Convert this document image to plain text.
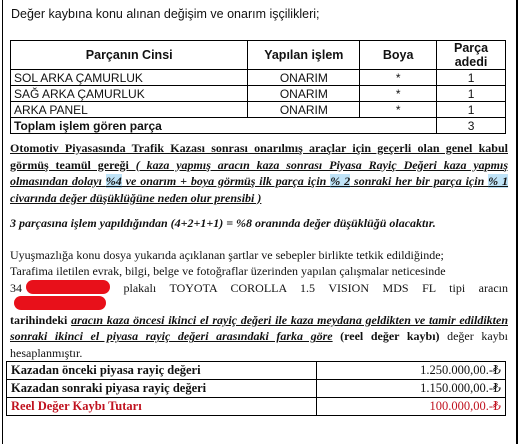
Değer kaybına konu alınan değişim ve onarım işçilikleri;
Parçanın Cinsi	Yapılan işlem	Boya	Parça adedi
SOL ARKA ÇAMURLUK	ONARIM	*	1
SAĞ ARKA ÇAMURLUK	ONARIM	*	1
ARKA PANEL	ONARIM	*	1
Toplam işlem gören parça			3
Otomotiv Piyasasında Trafik Kazası sonrası onarılmış araçlar için geçerli olan genel kabul görmüş teamül gereği ( kaza yapmış aracın kaza sonrası Piyasa Rayiç Değeri kaza yapmış olmasından dolayı %4 ve onarım + boya görmüş ilk parça için % 2 sonraki her bir parça için % 1 civarında değer düşüklüğüne neden olur prensibi )
3 parçasına işlem yapıldığından (4+2+1+1) = %8 oranında değer düşüklüğü olacaktır.
Uyuşmazlığa konu dosya yukarıda açıklanan şartlar ve sebepler birlikte tetkik edildiğinde;
Tarafima iletilen evrak, bilgi, belge ve fotoğraflar üzerinden yapılan çalışmalar neticesinde
34	plakalı TOYOTA COROLLA 1.5 VISION MDS FL tipi aracın
tarihindeki aracın kaza öncesi ikinci el rayiç değeri ile kaza meydana geldikten ve tamir edildikten sonraki ikinci el piyasa rayiç değeri arasındaki farka göre (reel değer kaybı) değer kaybı hesaplanmıştır.
Kazadan önceki piyasa rayiç değeri	1.250.000,00.-₺
Kazadan sonraki piyasa rayiç değeri	1.150.000,00.-₺
Reel Değer Kaybı Tutarı	100.000,00.-₺
